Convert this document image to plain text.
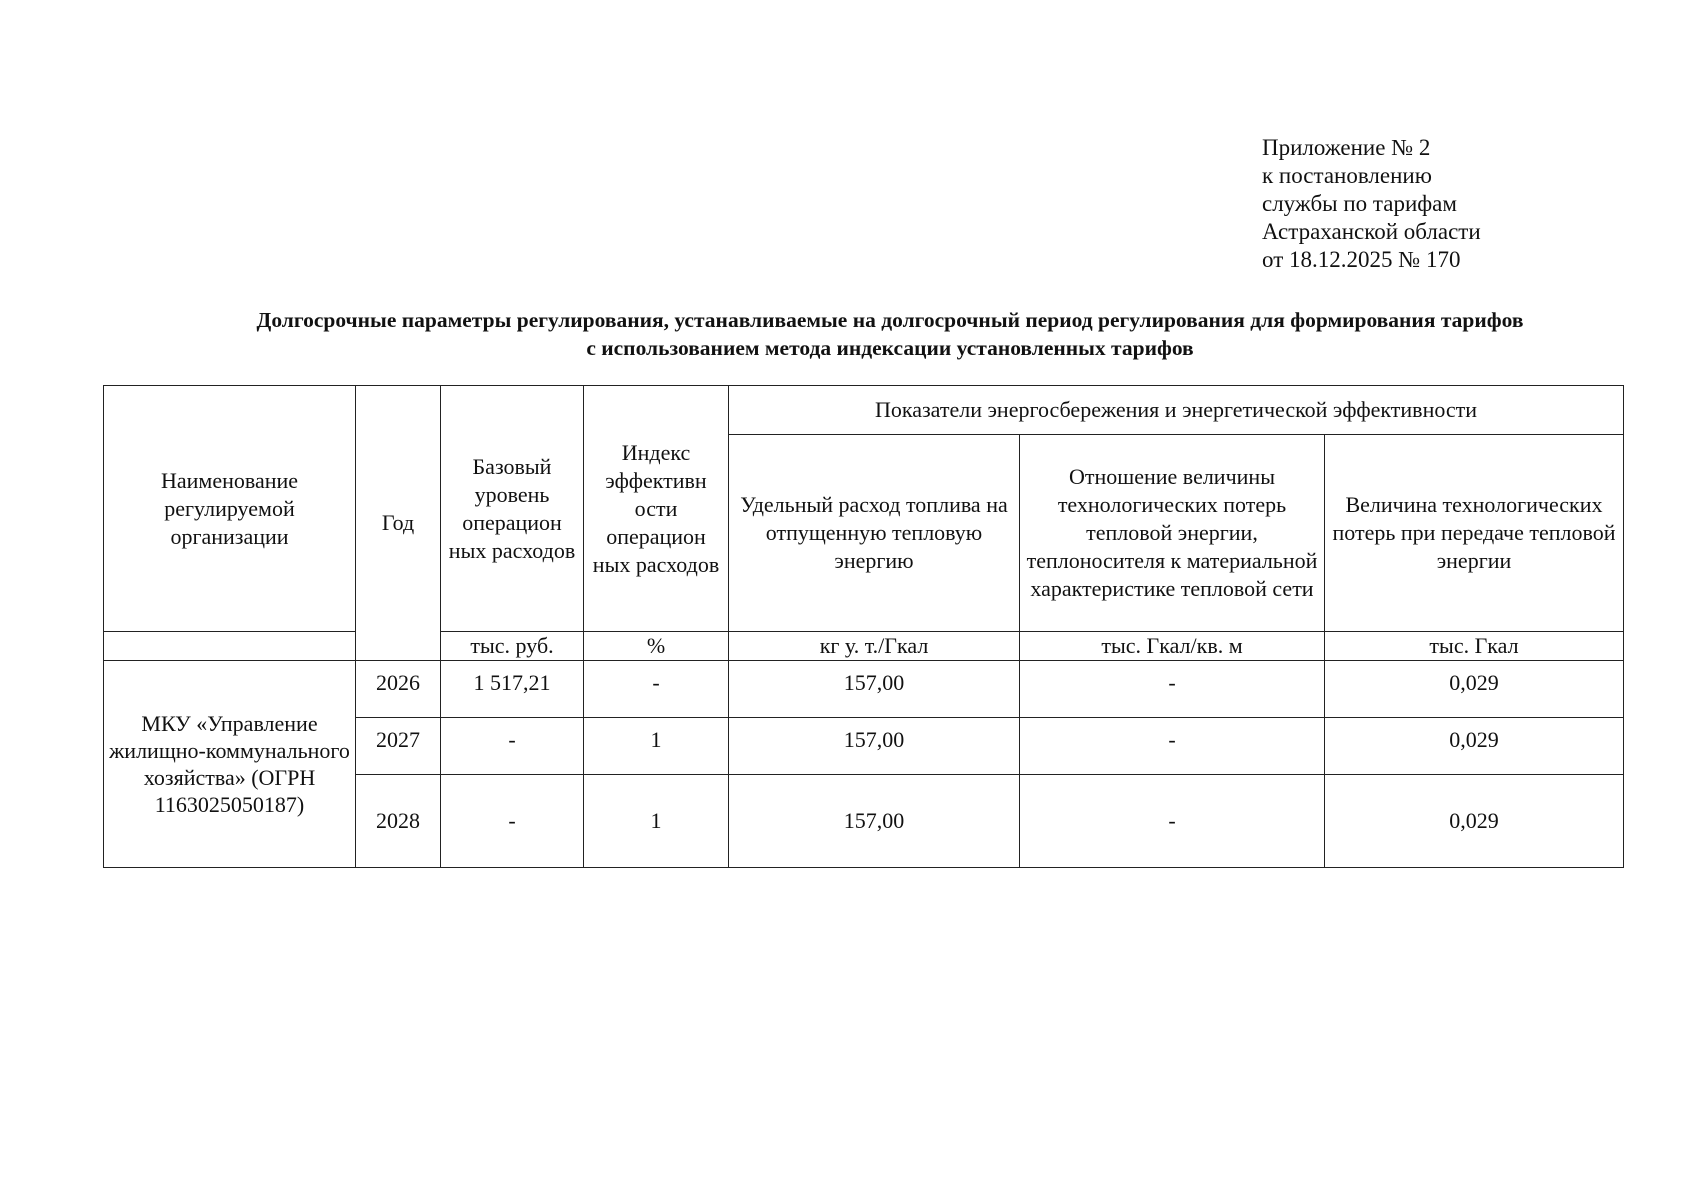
Приложение № 2
к постановлению
службы по тарифам
Астраханской области
от 18.12.2025 № 170
Долгосрочные параметры регулирования, устанавливаемые на долгосрочный период регулирования для формирования тарифов
с использованием метода индексации установленных тарифов
Наименование регулируемой организации	Год	Базовый уровень операцион ных расходов	Индекс эффективн ости операцион ных расходов	Показатели энергосбережения и энергетической эффективности		
				Удельный расход топлива на отпущенную тепловую энергию	Отношение величины технологических потерь тепловой энергии, теплоносителя к материальной характеристике тепловой сети	Величина технологических потерь при передаче тепловой энергии
		тыс. руб.	%	кг у. т./Гкал	тыс. Гкал/кв. м	тыс. Гкал
МКУ «Управление жилищно-коммунального хозяйства» (ОГРН 1163025050187)	2026	1 517,21	-	157,00	-	0,029
	2027	-	1	157,00	-	0,029
	2028	-	1	157,00	-	0,029
